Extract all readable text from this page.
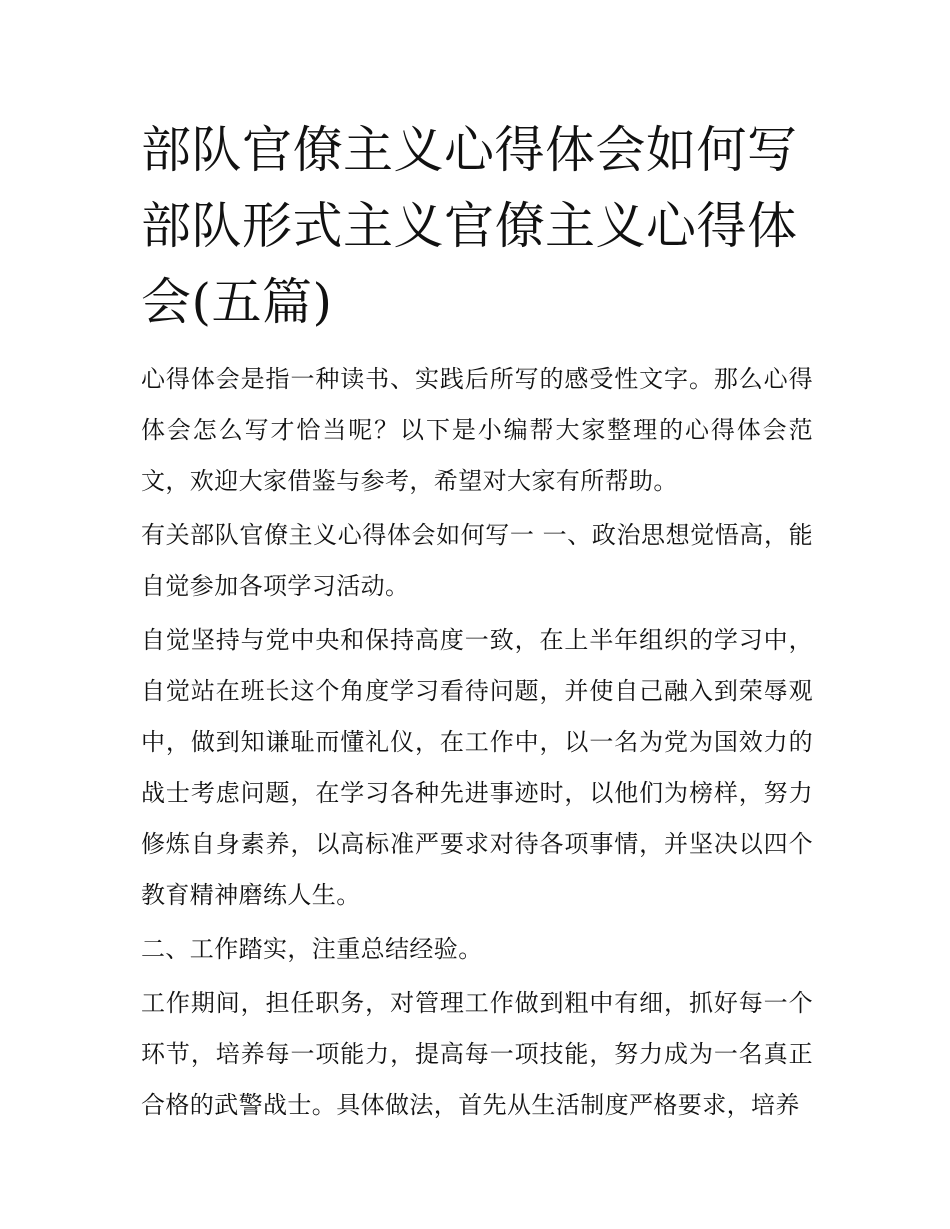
部队官僚主义心得体会如何写部队形式主义官僚主义心得体会(五篇)

心得体会是指一种读书、实践后所写的感受性文字。那么心得体会怎么写才恰当呢？以下是小编帮大家整理的心得体会范文，欢迎大家借鉴与参考，希望对大家有所帮助。

有关部队官僚主义心得体会如何写一 一、政治思想觉悟高，能自觉参加各项学习活动。

自觉坚持与党中央和保持高度一致，在上半年组织的学习中，自觉站在班长这个角度学习看待问题，并使自己融入到荣辱观中，做到知谦耻而懂礼仪，在工作中，以一名为党为国效力的战士考虑问题，在学习各种先进事迹时，以他们为榜样，努力修炼自身素养，以高标准严要求对待各项事情，并坚决以四个教育精神磨练人生。

二、工作踏实，注重总结经验。

工作期间，担任职务，对管理工作做到粗中有细，抓好每一个环节，培养每一项能力，提高每一项技能，努力成为一名真正合格的武警战士。具体做法，首先从生活制度严格要求，培养
